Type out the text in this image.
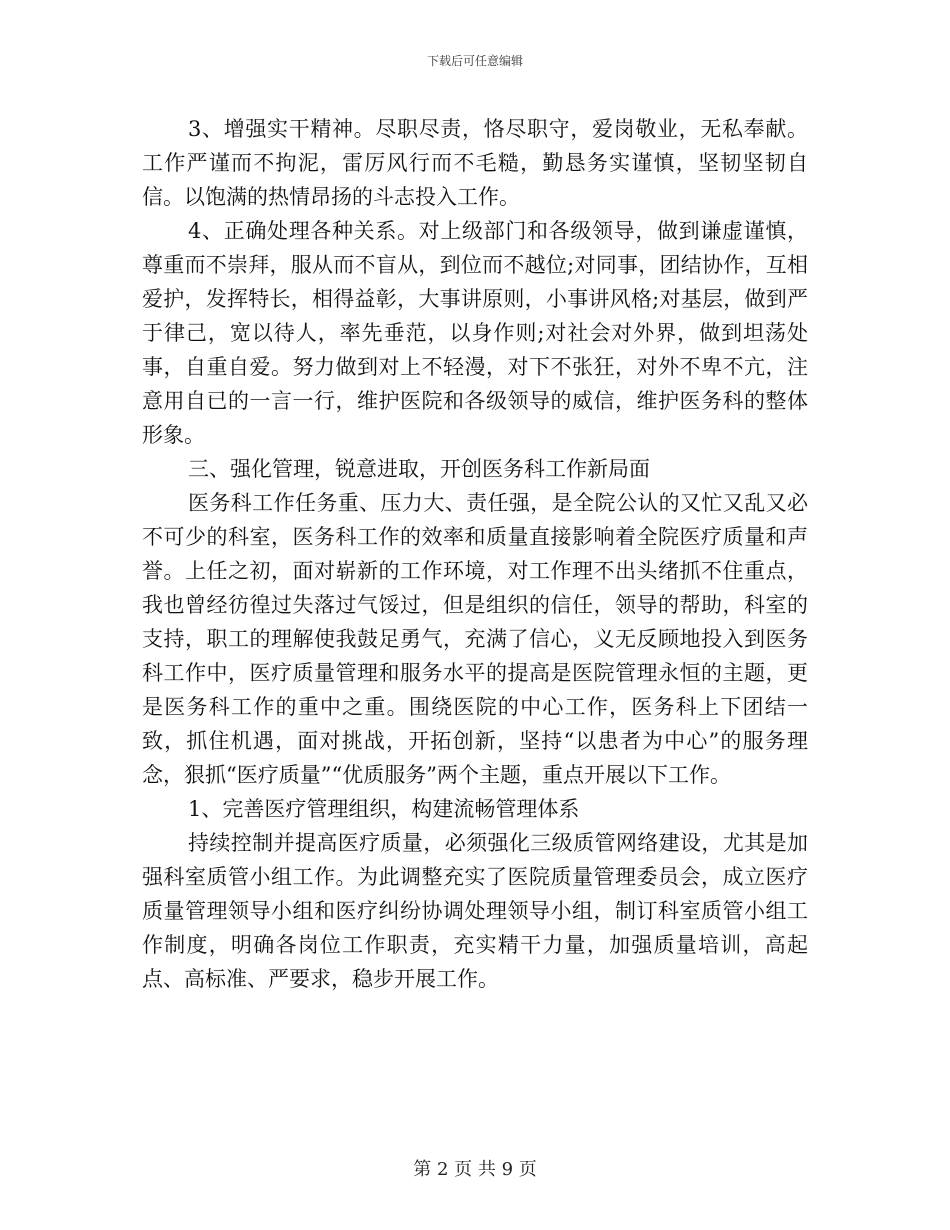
下载后可任意编辑

3、增强实干精神。尽职尽责，恪尽职守，爱岗敬业，无私奉献。工作严谨而不拘泥，雷厉风行而不毛糙，勤恳务实谨慎，坚韧坚韧自信。以饱满的热情昂扬的斗志投入工作。

4、正确处理各种关系。对上级部门和各级领导，做到谦虚谨慎，尊重而不崇拜，服从而不盲从，到位而不越位;对同事，团结协作，互相爱护，发挥特长，相得益彰，大事讲原则，小事讲风格;对基层，做到严于律己，宽以待人，率先垂范，以身作则;对社会对外界，做到坦荡处事，自重自爱。努力做到对上不轻漫，对下不张狂，对外不卑不亢，注意用自已的一言一行，维护医院和各级领导的威信，维护医务科的整体形象。

三、强化管理，锐意进取，开创医务科工作新局面

医务科工作任务重、压力大、责任强，是全院公认的又忙又乱又必不可少的科室，医务科工作的效率和质量直接影响着全院医疗质量和声誉。上任之初，面对崭新的工作环境，对工作理不出头绪抓不住重点，我也曾经彷徨过失落过气馁过，但是组织的信任，领导的帮助，科室的支持，职工的理解使我鼓足勇气，充满了信心，义无反顾地投入到医务科工作中，医疗质量管理和服务水平的提高是医院管理永恒的主题，更是医务科工作的重中之重。围绕医院的中心工作，医务科上下团结一致，抓住机遇，面对挑战，开拓创新，坚持“以患者为中心”的服务理念，狠抓“医疗质量”“优质服务”两个主题，重点开展以下工作。

1、完善医疗管理组织，构建流畅管理体系

持续控制并提高医疗质量，必须强化三级质管网络建设，尤其是加强科室质管小组工作。为此调整充实了医院质量管理委员会，成立医疗质量管理领导小组和医疗纠纷协调处理领导小组，制订科室质管小组工作制度，明确各岗位工作职责，充实精干力量，加强质量培训，高起点、高标准、严要求，稳步开展工作。

第 2 页 共 9 页
